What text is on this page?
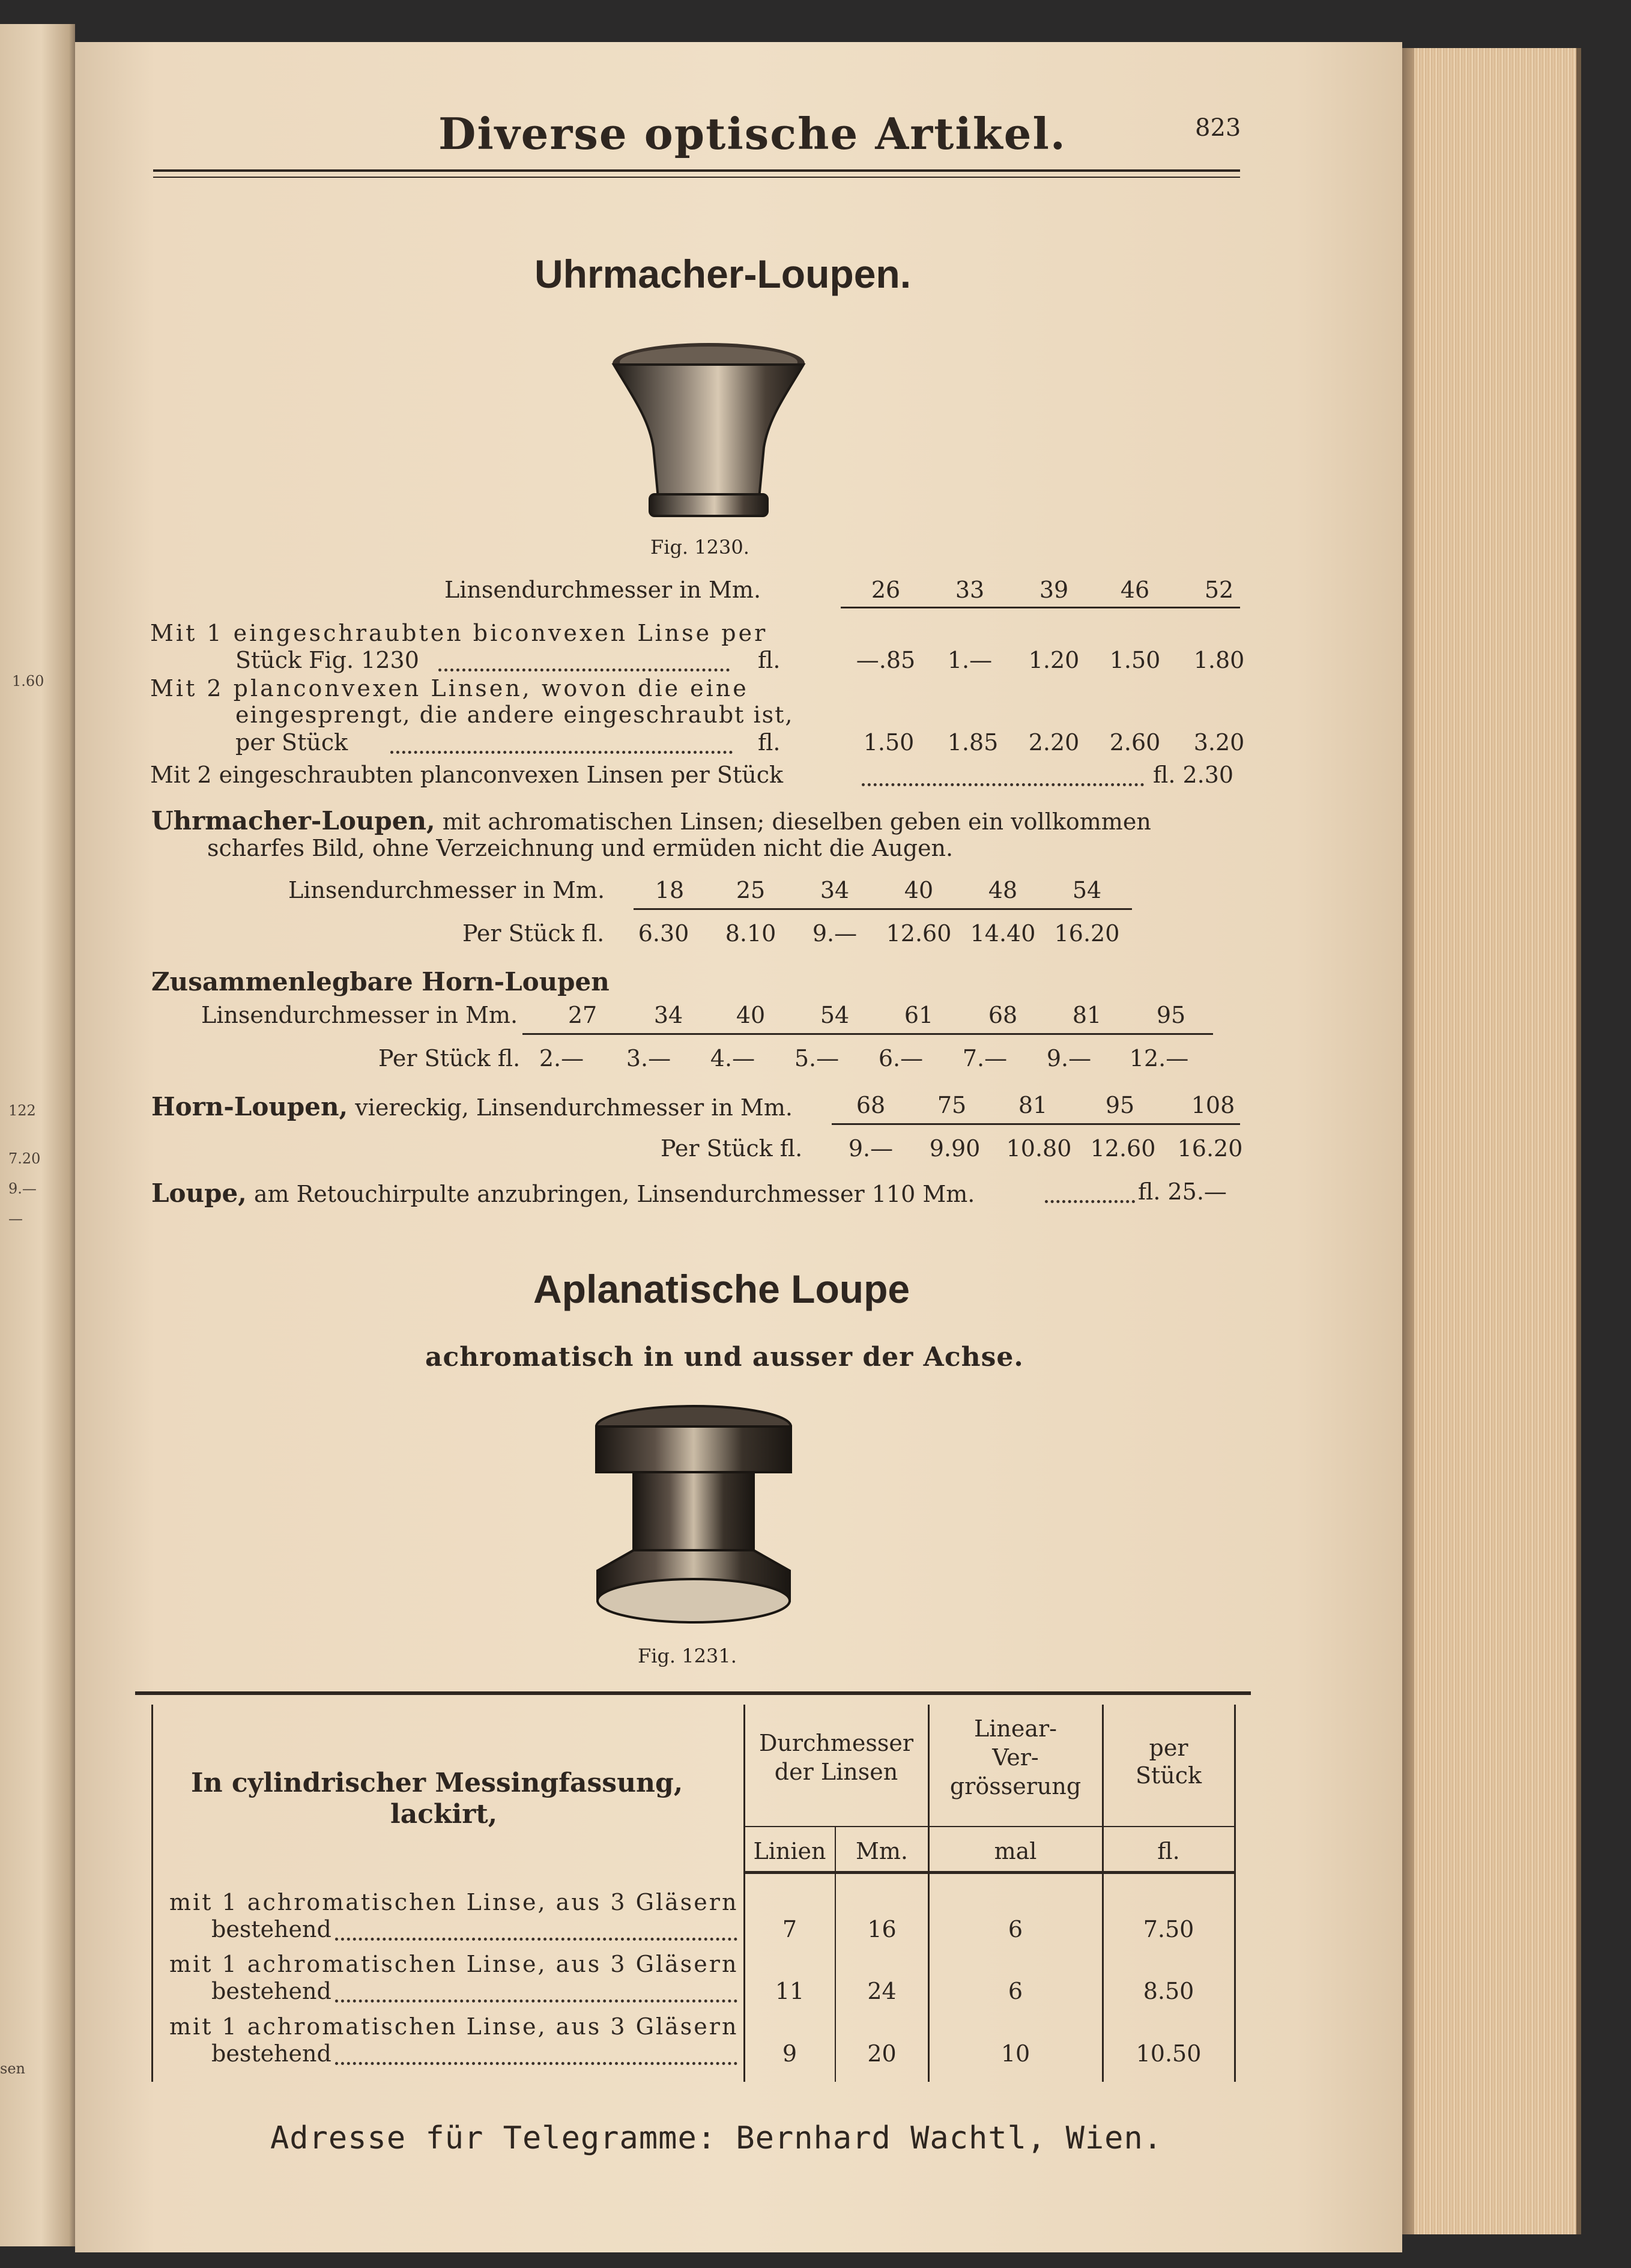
1.60
122
7.20
9.—
—
sen
Diverse optische Artikel.	823
Uhrmacher-Loupen.
Fig. 1230.
Linsendurchmesser in Mm.	26	33	39	46	52
Mit 1 eingeschraubten biconvexen Linse per
Stück Fig. 1230	fl.	—.85 1.— 1.20 1.50 1.80
Mit 2 planconvexen Linsen, wovon die eine
eingesprengt, die andere eingeschraubt ist,
per Stück	fl.	1.50 1.85 2.20 2.60 3.20
Mit 2 eingeschraubten planconvexen Linsen per Stück	fl. 2.30
Uhrmacher-Loupen, mit achromatischen Linsen; dieselben geben ein vollkommen
scharfes Bild, ohne Verzeichnung und ermüden nicht die Augen.
Linsendurchmesser in Mm.	18	25	34	40	48	54
Per Stück fl.	6.30	8.10	9.—	12.60 14.40 16.20
Zusammenlegbare Horn-Loupen
Linsendurchmesser in Mm.	27	34	40	54	61	68	81	95
Per Stück fl. 2.—	3.—	4.—	5.—	6.—	7.—	9.—	12.—
Horn-Loupen, viereckig, Linsendurchmesser in Mm.	68	75	81	95	108
Per Stück fl.	9.—	9.90	10.80 12.60 16.20
Loupe, am Retouchirpulte anzubringen, Linsendurchmesser 110 Mm.	fl. 25.—
Aplanatische Loupe
achromatisch in und ausser der Achse.
Fig. 1231.
In cylindrischer Messingfassung,
lackirt,
Durchmesser
der Linsen
Linear-
Ver-
grösserung
per
Stück
Linien	Mm.	mal	fl.
mit 1 achromatischen Linse, aus 3 Gläsern
bestehend	7	16	6	7.50
mit 1 achromatischen Linse, aus 3 Gläsern
bestehend	11	24	6	8.50
mit 1 achromatischen Linse, aus 3 Gläsern
bestehend	9	20	10	10.50
Adresse für Telegramme: Bernhard Wachtl, Wien.
